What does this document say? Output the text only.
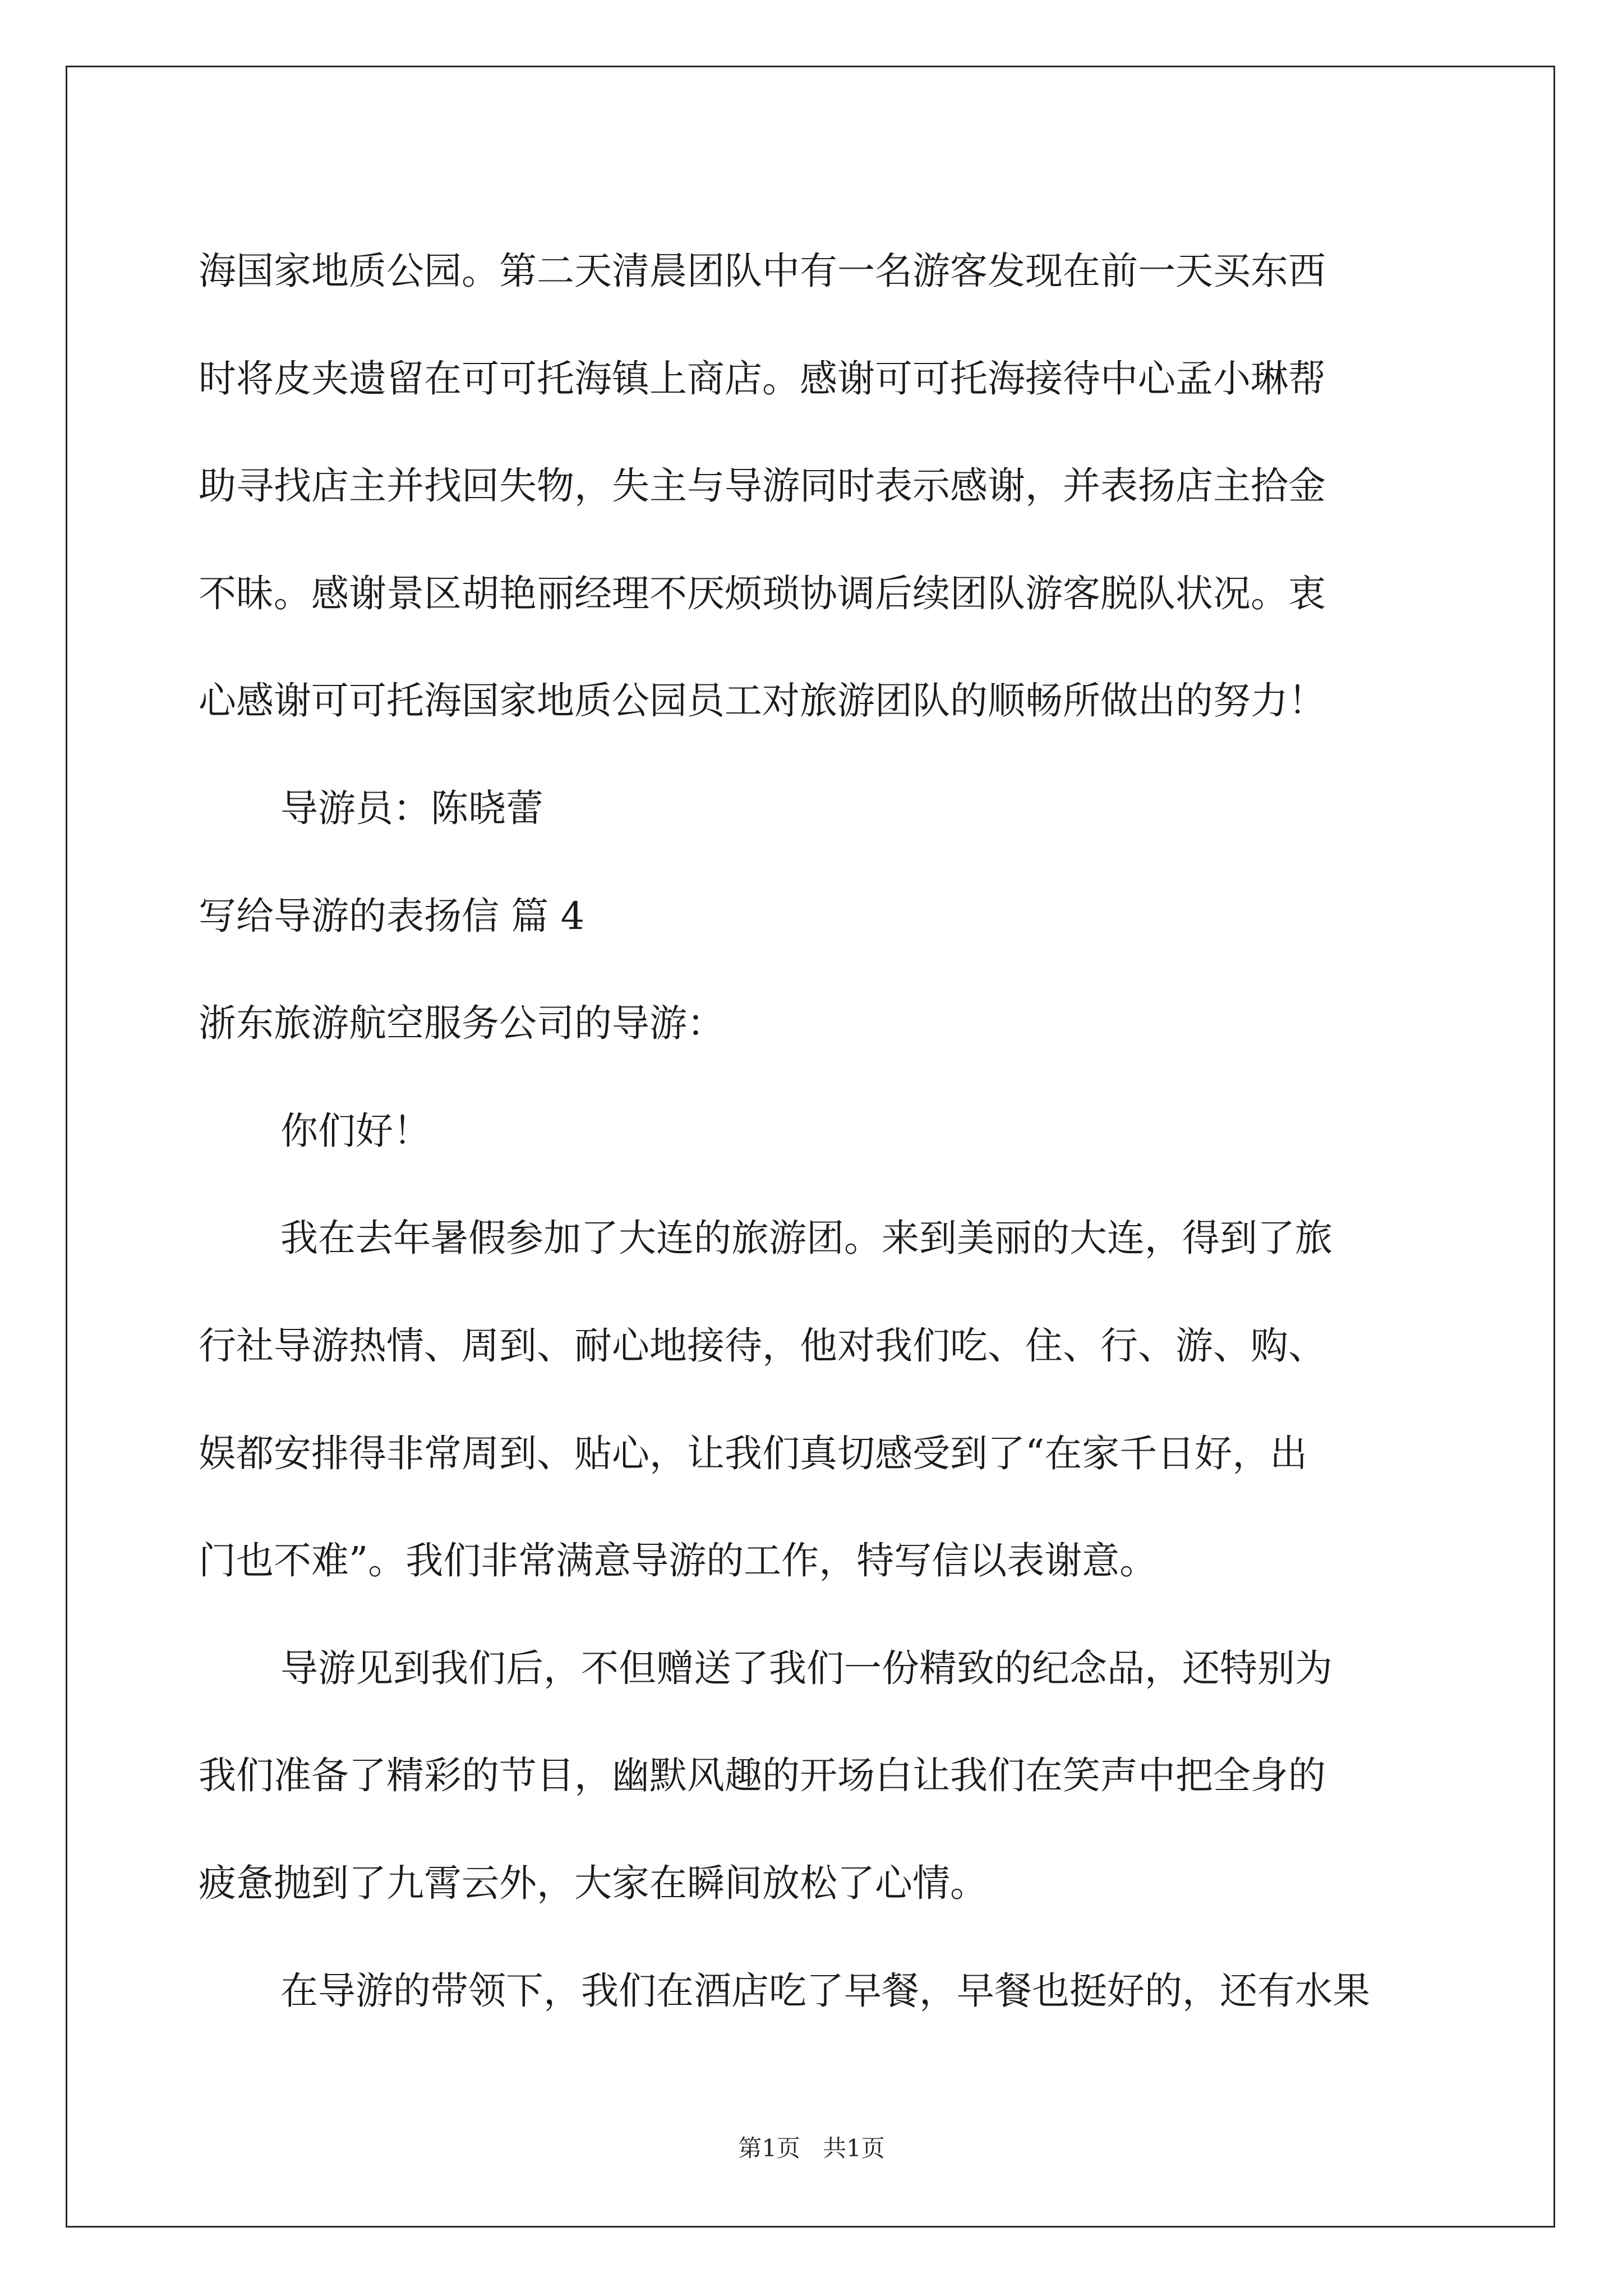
海国家地质公园。第二天清晨团队中有一名游客发现在前一天买东西
时将皮夹遗留在可可托海镇上商店。感谢可可托海接待中心孟小琳帮
助寻找店主并找回失物，失主与导游同时表示感谢，并表扬店主拾金
不昧。感谢景区胡艳丽经理不厌烦琐协调后续团队游客脱队状况。衷
心感谢可可托海国家地质公园员工对旅游团队的顺畅所做出的努力！
导游员：陈晓蕾
写给导游的表扬信 篇 4
浙东旅游航空服务公司的导游：
你们好！
我在去年暑假参加了大连的旅游团。来到美丽的大连，得到了旅
行社导游热情、周到、耐心地接待，他对我们吃、住、行、游、购、
娱都安排得非常周到、贴心，让我们真切感受到了“在家千日好，出
门也不难”。我们非常满意导游的工作，特写信以表谢意。
导游见到我们后，不但赠送了我们一份精致的纪念品，还特别为
我们准备了精彩的节目，幽默风趣的开场白让我们在笑声中把全身的
疲惫抛到了九霄云外，大家在瞬间放松了心情。
在导游的带领下，我们在酒店吃了早餐，早餐也挺好的，还有水果
第1页   共1页
